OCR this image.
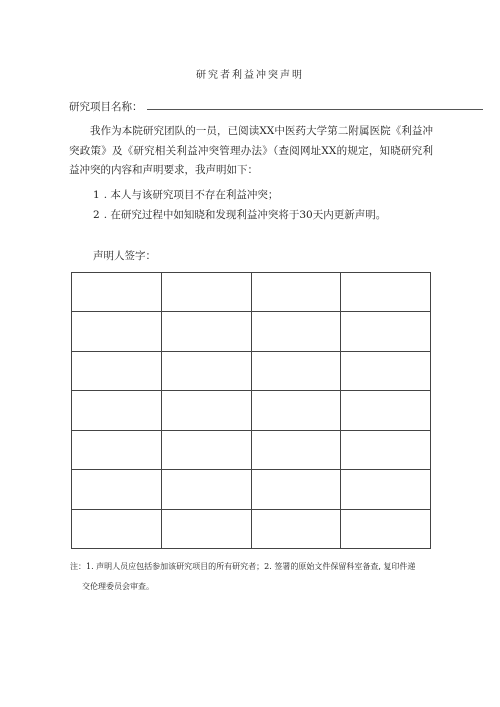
研究者利益冲突声明
研究项目名称：
我作为本院研究团队的一员，已阅读XX中医药大学第二附属医院《利益冲突政策》及《研究相关利益冲突管理办法》（查阅网址XX的规定，知晓研究利益冲突的内容和声明要求，我声明如下：
1 . 本人与该研究项目不存在利益冲突；
2 . 在研究过程中如知晓和发现利益冲突将于30天内更新声明。
声明人签字：

注：1. 声明人员应包括参加该研究项目的所有研究者；2. 签署的原始文件保留科室备查, 复印件递
交伦理委员会审查。
